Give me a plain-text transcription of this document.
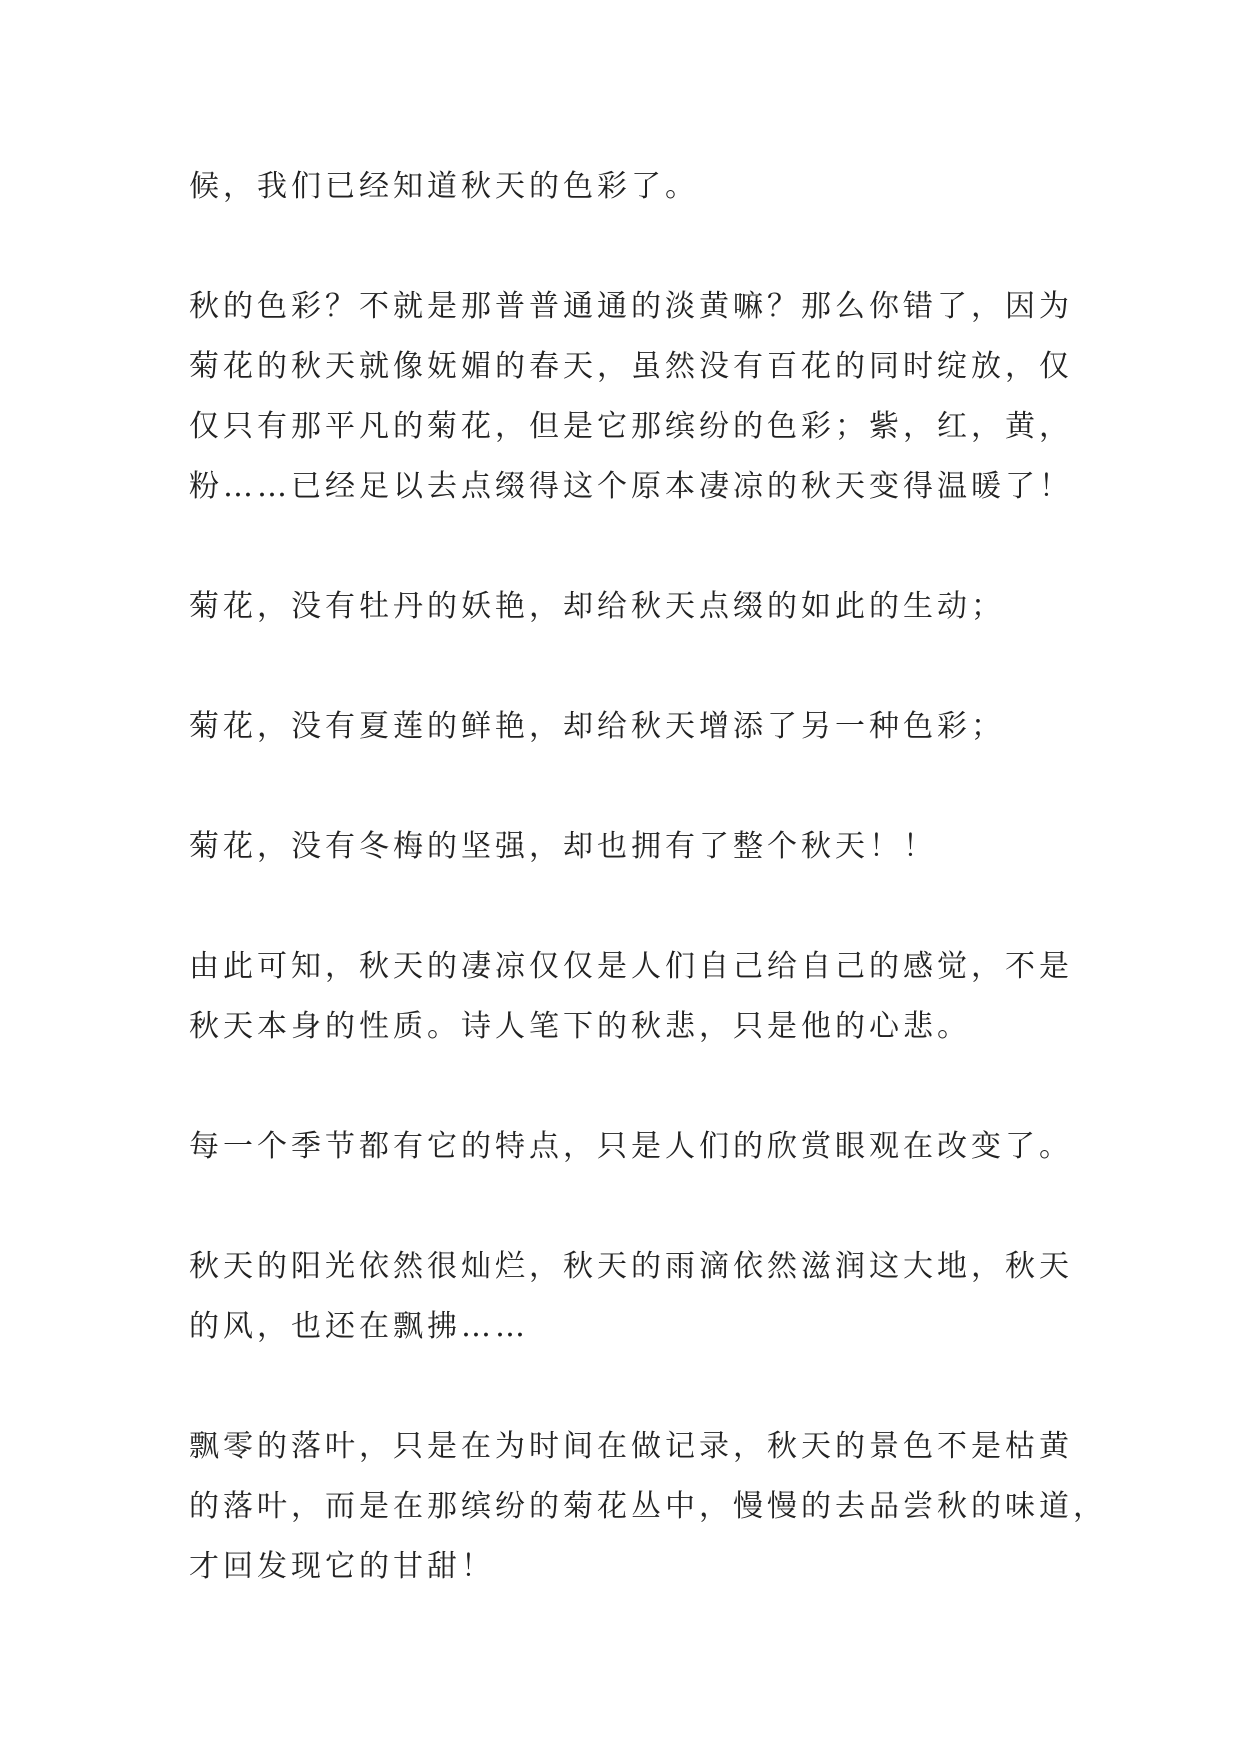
候，我们已经知道秋天的色彩了。

秋的色彩？不就是那普普通通的淡黄嘛？那么你错了，因为
菊花的秋天就像妩媚的春天，虽然没有百花的同时绽放，仅
仅只有那平凡的菊花，但是它那缤纷的色彩；紫，红，黄，
粉……已经足以去点缀得这个原本凄凉的秋天变得温暖了！

菊花，没有牡丹的妖艳，却给秋天点缀的如此的生动；

菊花，没有夏莲的鲜艳，却给秋天增添了另一种色彩；

菊花，没有冬梅的坚强，却也拥有了整个秋天！！

由此可知，秋天的凄凉仅仅是人们自己给自己的感觉，不是
秋天本身的性质。诗人笔下的秋悲，只是他的心悲。

每一个季节都有它的特点，只是人们的欣赏眼观在改变了。

秋天的阳光依然很灿烂，秋天的雨滴依然滋润这大地，秋天
的风，也还在飘拂……

飘零的落叶，只是在为时间在做记录，秋天的景色不是枯黄
的落叶，而是在那缤纷的菊花丛中，慢慢的去品尝秋的味道，
才回发现它的甘甜！
